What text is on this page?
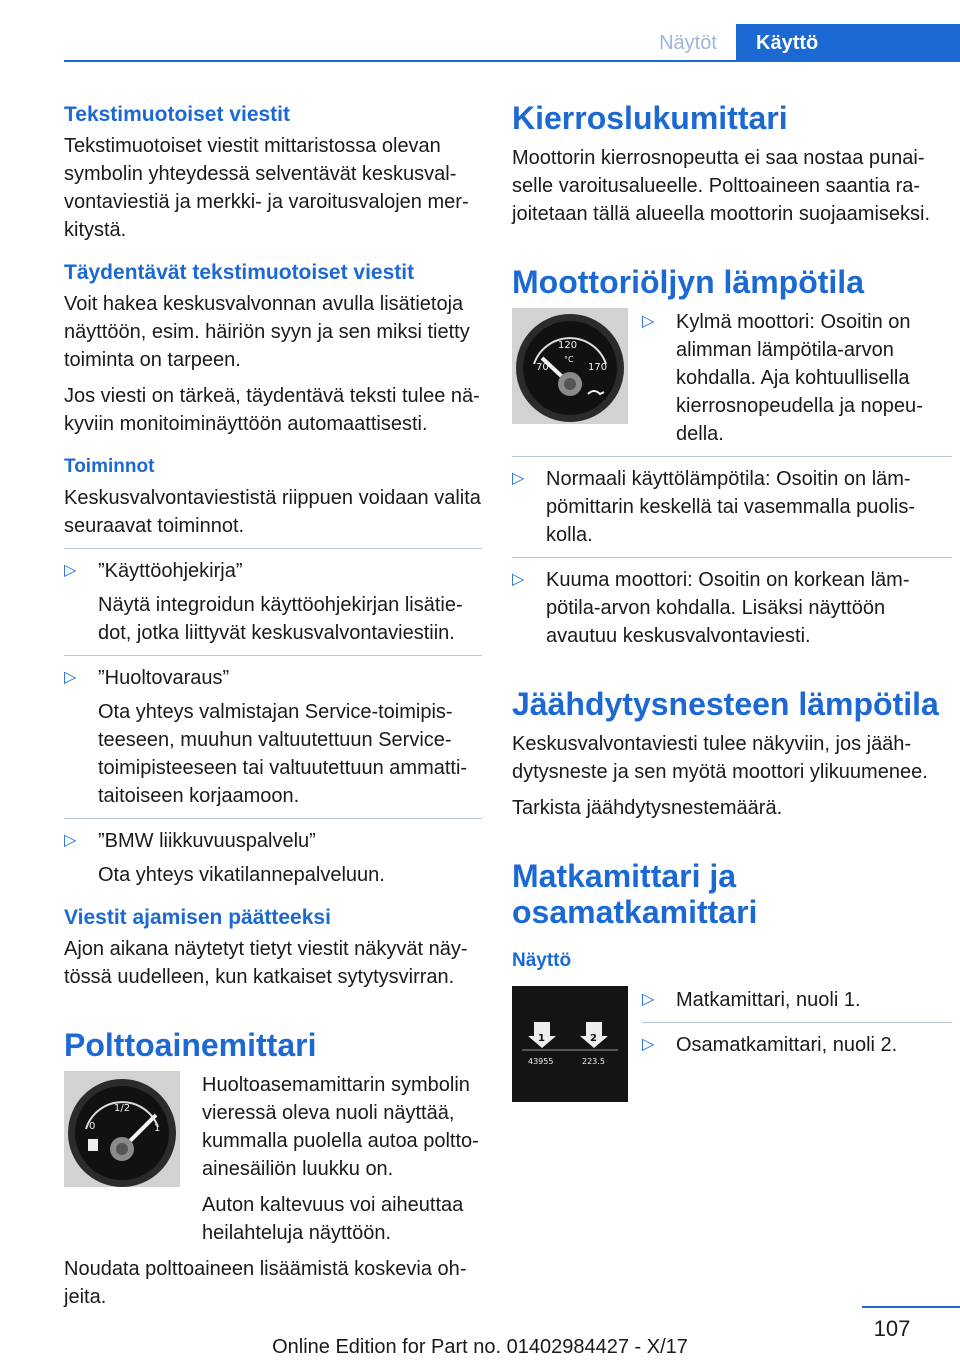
Näytöt	Käyttö
Tekstimuotoiset viestit

Tekstimuotoiset viestit mittaristossa olevan symbolin yhteydessä selventävät keskusvalvontaviestiä ja merkki- ja varoitusvalojen merkitystä.

Täydentävät tekstimuotoiset viestit

Voit hakea keskusvalvonnan avulla lisätietoja näyttöön, esim. häiriön syyn ja sen miksi tietty toiminta on tarpeen.

Jos viesti on tärkeä, täydentävä teksti tulee näkyviin monitoiminäyttöön automaattisesti.

Toiminnot

Keskusvalvontaviestistä riippuen voidaan valita seuraavat toiminnot.

▷ ”Käyttöohjekirja”
Näytä integroidun käyttöohjekirjan lisätiedot, jotka liittyvät keskusvalvontaviestiin.
▷ ”Huoltovaraus”
Ota yhteys valmistajan Service-toimipisteeseen, muuhun valtuutettuun Service-toimipisteeseen tai valtuutettuun ammattitaitoiseen korjaamoon.
▷ ”BMW liikkuvuuspalvelu”
Ota yhteys vikatilannepalveluun.
Viestit ajamisen päätteeksi

Ajon aikana näytetyt tietyt viestit näkyvät näytössä uudelleen, kun katkaiset sytytysvirran.

Polttoainemittari
0
1/2
1

Huoltoasemamittarin symbolin vieressä oleva nuoli näyttää, kummalla puolella autoa polttoainesäiliön luukku on.

Auton kaltevuus voi aiheuttaa heilahteluja näyttöön.

Noudata polttoaineen lisäämistä koskevia ohjeita.

Kierroslukumittari

Moottorin kierrosnopeutta ei saa nostaa punaiselle varoitusalueelle. Polttoaineen saantia rajoitetaan tällä alueella moottorin suojaamiseksi.

Moottoriöljyn lämpötila
120
°C
70	170
▷ Kylmä moottori: Osoitin on alimman lämpötila-arvon kohdalla. Aja kohtuullisella kierrosnopeudella ja nopeudella.
▷ Normaali käyttölämpötila: Osoitin on lämpömittarin keskellä tai vasemmalla puoliskolla.
▷ Kuuma moottori: Osoitin on korkean lämpötila-arvon kohdalla. Lisäksi näyttöön avautuu keskusvalvontaviesti.
Jäähdytysnesteen lämpötila

Keskusvalvontaviesti tulee näkyviin, jos jäähdytysneste ja sen myötä moottori ylikuumenee.

Tarkista jäähdytysnestemäärä.

Matkamittari ja osamatkamittari
Näyttö
1	2
43955	223.5
▷ Matkamittari, nuoli 1.
▷ Osamatkamittari, nuoli 2.
107
Online Edition for Part no. 01402984427 - X/17
